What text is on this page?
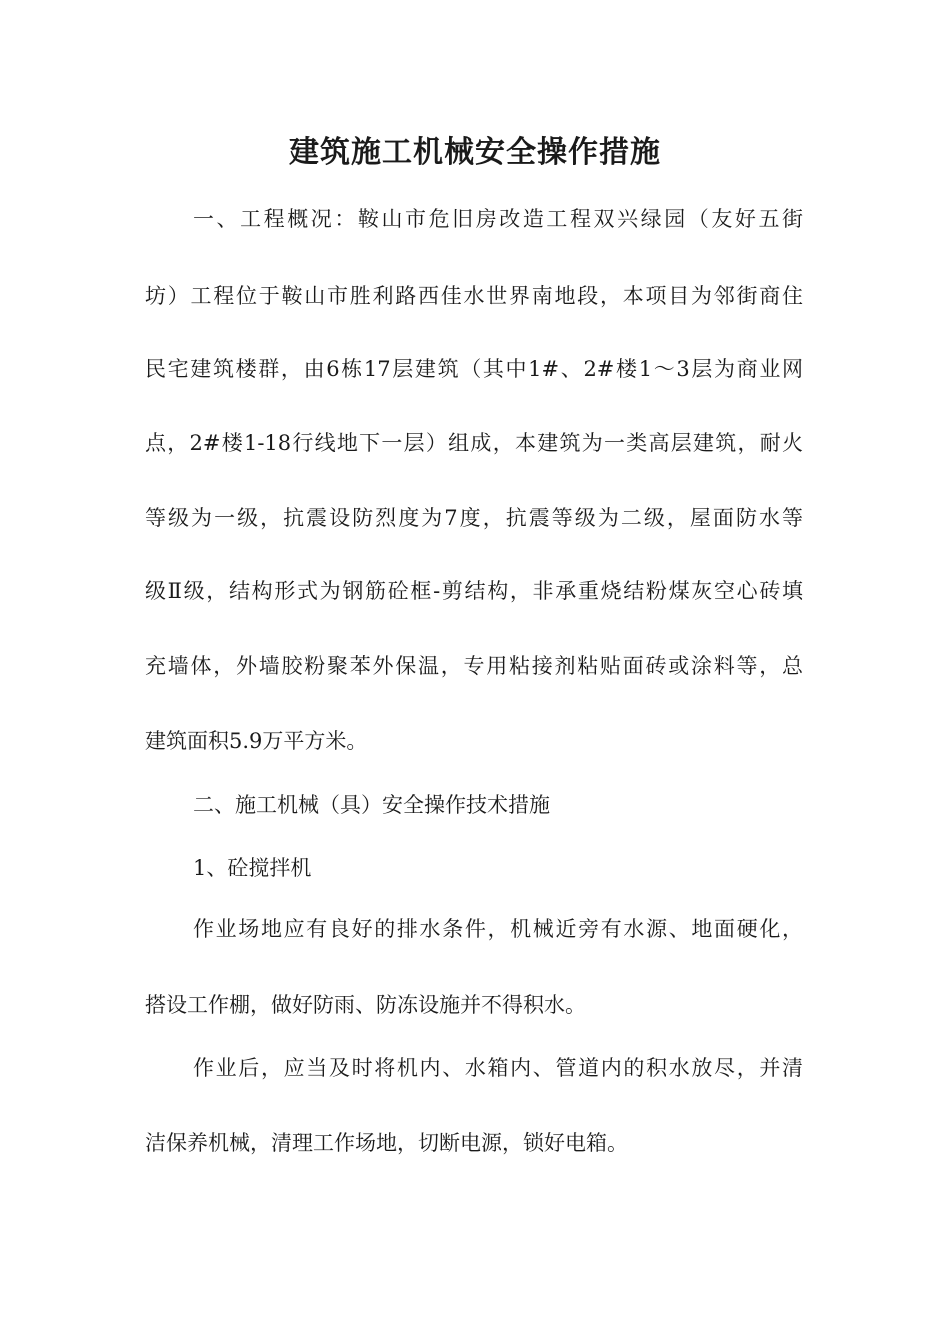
建筑施工机械安全操作措施

一、工程概况：鞍山市危旧房改造工程双兴绿园（友好五街

坊）工程位于鞍山市胜利路西佳水世界南地段，本项目为邻街商住

民宅建筑楼群，由6栋17层建筑（其中1#、2#楼1～3层为商业网

点，2#楼1-18行线地下一层）组成，本建筑为一类高层建筑，耐火

等级为一级，抗震设防烈度为7度，抗震等级为二级，屋面防水等

级Ⅱ级，结构形式为钢筋砼框-剪结构，非承重烧结粉煤灰空心砖填

充墙体，外墙胶粉聚苯外保温，专用粘接剂粘贴面砖或涂料等，总

建筑面积5.9万平方米。

二、施工机械（具）安全操作技术措施

1、砼搅拌机

作业场地应有良好的排水条件，机械近旁有水源、地面硬化，

搭设工作棚，做好防雨、防冻设施并不得积水。

作业后，应当及时将机内、水箱内、管道内的积水放尽，并清

洁保养机械，清理工作场地，切断电源，锁好电箱。
